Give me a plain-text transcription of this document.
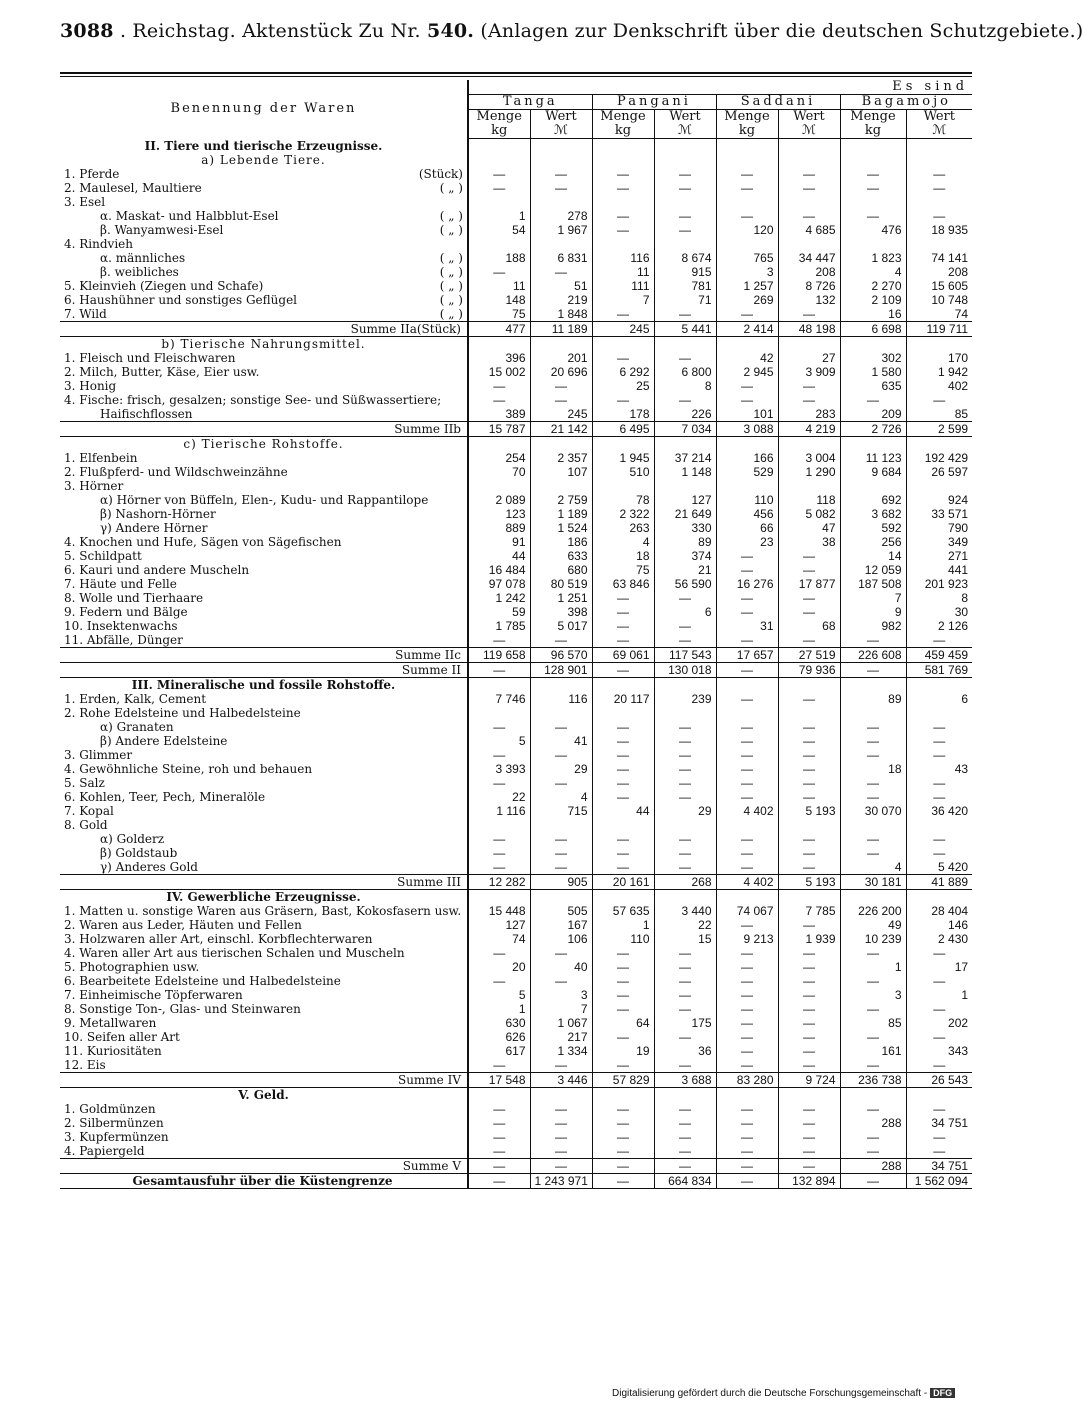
3088 . Reichstag. Aktenstück Zu Nr. 540. (Anlagen zur Denkschrift über die deutschen Schutzgebiete.)
Benennung der Waren	Es sind							
	Tanga		Pangani		Saddani		Bagamojo	
	Menge	Wert	Menge	Wert	Menge	Wert	Menge	Wert
	kg	ℳ	kg	ℳ	kg	ℳ	kg	ℳ
II. Tiere und tierische Erzeugnisse.								
a) Lebende Tiere.								
1. Pferde (Stück)	—	—	—	—	—	—	—	—
2. Maulesel, Maultiere ( „ )	—	—	—	—	—	—	—	—
3. Esel								
α. Maskat- und Halbblut-Esel ( „ )	1	278	—	—	—	—	—	—
β. Wanyamwesi-Esel ( „ )	54	1 967	—	—	120	4 685	476	18 935
4. Rindvieh								
α. männliches ( „ )	188	6 831	116	8 674	765	34 447	1 823	74 141
β. weibliches ( „ )	—	—	11	915	3	208	4	208
5. Kleinvieh (Ziegen und Schafe) ( „ )	11	51	111	781	1 257	8 726	2 270	15 605
6. Haushühner und sonstiges Geflügel ( „ )	148	219	7	71	269	132	2 109	10 748
7. Wild ( „ )	75	1 848	—	—	—	—	16	74
Summe IIa (Stück)	477	11 189	245	5 441	2 414	48 198	6 698	119 711
b) Tierische Nahrungsmittel.								
1. Fleisch und Fleischwaren	396	201	—	—	42	27	302	170
2. Milch, Butter, Käse, Eier usw.	15 002	20 696	6 292	6 800	2 945	3 909	1 580	1 942
3. Honig	—	—	25	8	—	—	635	402
4. Fische: frisch, gesalzen; sonstige See- und Süßwassertiere;	—	—	—	—	—	—	—	—
Haifischflossen	389	245	178	226	101	283	209	85
Summe IIb	15 787	21 142	6 495	7 034	3 088	4 219	2 726	2 599
c) Tierische Rohstoffe.								
1. Elfenbein	254	2 357	1 945	37 214	166	3 004	11 123	192 429
2. Flußpferd- und Wildschweinzähne	70	107	510	1 148	529	1 290	9 684	26 597
3. Hörner								
α) Hörner von Büffeln, Elen-, Kudu- und Rappantilope	2 089	2 759	78	127	110	118	692	924
β) Nashorn-Hörner	123	1 189	2 322	21 649	456	5 082	3 682	33 571
γ) Andere Hörner	889	1 524	263	330	66	47	592	790
4. Knochen und Hufe, Sägen von Sägefischen	91	186	4	89	23	38	256	349
5. Schildpatt	44	633	18	374	—	—	14	271
6. Kauri und andere Muscheln	16 484	680	75	21	—	—	12 059	441
7. Häute und Felle	97 078	80 519	63 846	56 590	16 276	17 877	187 508	201 923
8. Wolle und Tierhaare	1 242	1 251	—	—	—	—	7	8
9. Federn und Bälge	59	398	—	6	—	—	9	30
10. Insektenwachs	1 785	5 017	—	—	31	68	982	2 126
11. Abfälle, Dünger	—	—	—	—	—	—	—	—
Summe IIc	119 658	96 570	69 061	117 543	17 657	27 519	226 608	459 459
Summe II	—	128 901	—	130 018	—	79 936	—	581 769
III. Mineralische und fossile Rohstoffe.								
1. Erden, Kalk, Cement	7 746	116	20 117	239	—	—	89	6
2. Rohe Edelsteine und Halbedelsteine								
α) Granaten	—	—	—	—	—	—	—	—
β) Andere Edelsteine	5	41	—	—	—	—	—	—
3. Glimmer	—	—	—	—	—	—	—	—
4. Gewöhnliche Steine, roh und behauen	3 393	29	—	—	—	—	18	43
5. Salz	—	—	—	—	—	—	—	—
6. Kohlen, Teer, Pech, Mineralöle	22	4	—	—	—	—	—	—
7. Kopal	1 116	715	44	29	4 402	5 193	30 070	36 420
8. Gold								
α) Golderz	—	—	—	—	—	—	—	—
β) Goldstaub	—	—	—	—	—	—	—	—
γ) Anderes Gold	—	—	—	—	—	—	4	5 420
Summe III	12 282	905	20 161	268	4 402	5 193	30 181	41 889
IV. Gewerbliche Erzeugnisse.								
1. Matten u. sonstige Waren aus Gräsern, Bast, Kokosfasern usw.	15 448	505	57 635	3 440	74 067	7 785	226 200	28 404
2. Waren aus Leder, Häuten und Fellen	127	167	1	22	—	—	49	146
3. Holzwaren aller Art, einschl. Korbflechterwaren	74	106	110	15	9 213	1 939	10 239	2 430
4. Waren aller Art aus tierischen Schalen und Muscheln	—	—	—	—	—	—	—	—
5. Photographien usw.	20	40	—	—	—	—	1	17
6. Bearbeitete Edelsteine und Halbedelsteine	—	—	—	—	—	—	—	—
7. Einheimische Töpferwaren	5	3	—	—	—	—	3	1
8. Sonstige Ton-, Glas- und Steinwaren	1	7	—	—	—	—	—	—
9. Metallwaren	630	1 067	64	175	—	—	85	202
10. Seifen aller Art	626	217	—	—	—	—	—	—
11. Kuriositäten	617	1 334	19	36	—	—	161	343
12. Eis	—	—	—	—	—	—	—	—
Summe IV	17 548	3 446	57 829	3 688	83 280	9 724	236 738	26 543
V. Geld.								
1. Goldmünzen	—	—	—	—	—	—	—	—
2. Silbermünzen	—	—	—	—	—	—	288	34 751
3. Kupfermünzen	—	—	—	—	—	—	—	—
4. Papiergeld	—	—	—	—	—	—	—	—
Summe V	—	—	—	—	—	—	288	34 751
Gesamtausfuhr über die Küstengrenze	—	1 243 971	—	664 834	—	132 894	—	1 562 094
Digitalisierung gefördert durch die Deutsche Forschungsgemeinschaft - DFG
